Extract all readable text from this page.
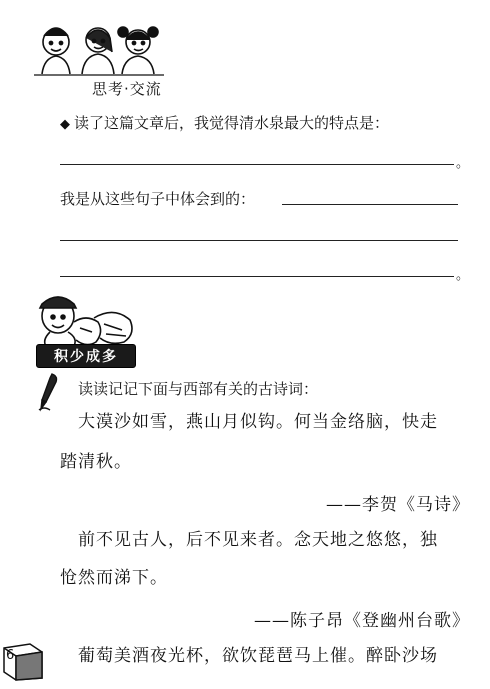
思考·交流
◆ 读了这篇文章后，我觉得清水泉最大的特点是：
。
我是从这些句子中体会到的：
。
积少成多
读读记记下面与西部有关的古诗词：
大漠沙如雪，燕山月似钩。何当金络脑，快走
踏清秋。
——李贺《马诗》
前不见古人，后不见来者。念天地之悠悠，独
怆然而涕下。
——陈子昂《登幽州台歌》
葡萄美酒夜光杯，欲饮琵琶马上催。醉卧沙场
6
